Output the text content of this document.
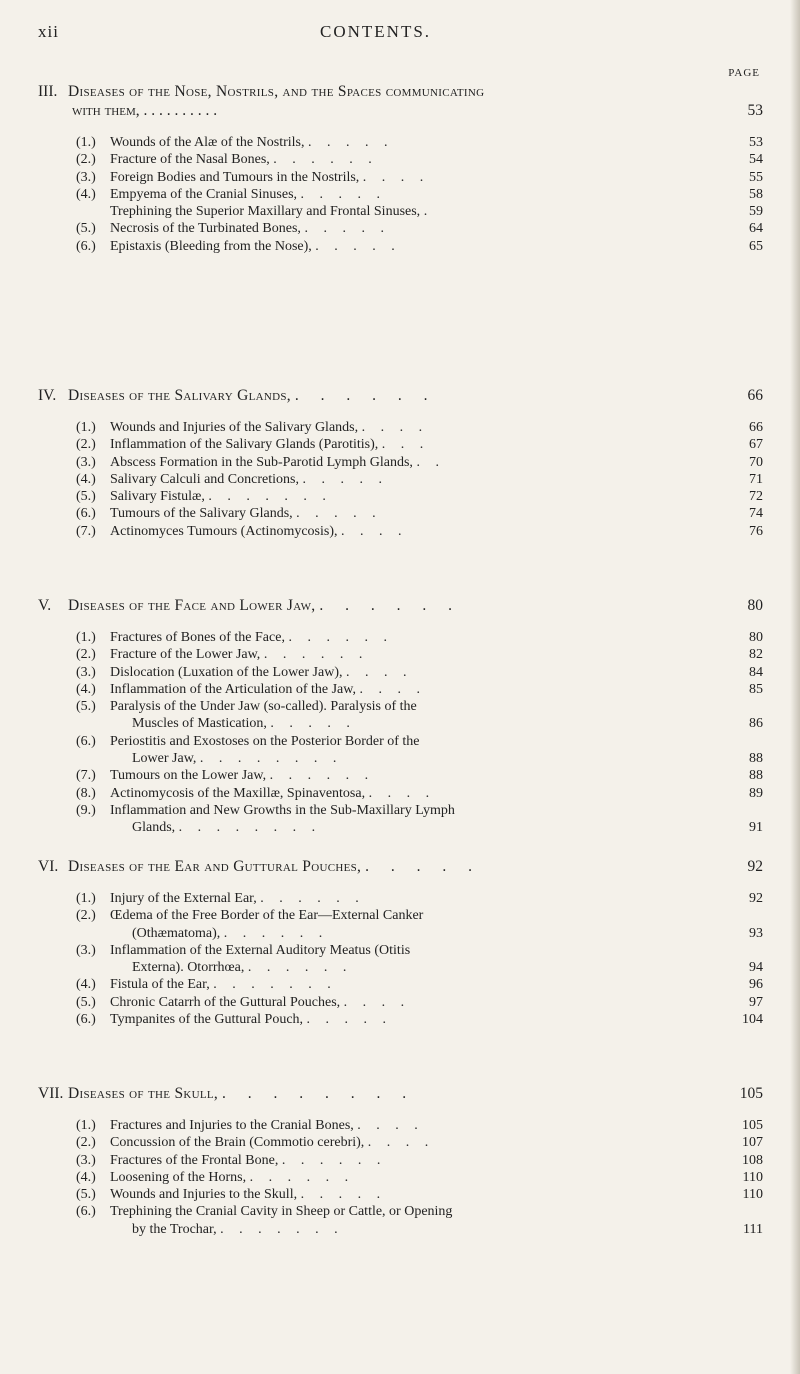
xii	CONTENTS.
PAGE
III. Diseases of the Nose, Nostrils, and the Spaces communicating
with them, . . . . . . . . . .	53
(1.) Wounds of the Alæ of the Nostrils, . . . . .	53
(2.) Fracture of the Nasal Bones, . . . . . .	54
(3.) Foreign Bodies and Tumours in the Nostrils, . . . .	55
(4.) Empyema of the Cranial Sinuses, . . . . .	58
Trephining the Superior Maxillary and Frontal Sinuses, .	59
(5.) Necrosis of the Turbinated Bones, . . . . .	64
(6.) Epistaxis (Bleeding from the Nose), . . . . .	65
IV. Diseases of the Salivary Glands, . . . . . .	66
(1.) Wounds and Injuries of the Salivary Glands, . . . .	66
(2.) Inflammation of the Salivary Glands (Parotitis), . . .	67
(3.) Abscess Formation in the Sub-Parotid Lymph Glands, . .	70
(4.) Salivary Calculi and Concretions, . . . . .	71
(5.) Salivary Fistulæ, . . . . . . .	72
(6.) Tumours of the Salivary Glands, . . . . .	74
(7.) Actinomyces Tumours (Actinomycosis), . . . .	76
V. Diseases of the Face and Lower Jaw, . . . . . .	80
(1.) Fractures of Bones of the Face, . . . . . .	80
(2.) Fracture of the Lower Jaw, . . . . . .	82
(3.) Dislocation (Luxation of the Lower Jaw), . . . .	84
(4.) Inflammation of the Articulation of the Jaw, . . . .	85
(5.) Paralysis of the Under Jaw (so-called). Paralysis of the
Muscles of Mastication, . . . . .	86
(6.) Periostitis and Exostoses on the Posterior Border of the
Lower Jaw, . . . . . . . .	88
(7.) Tumours on the Lower Jaw, . . . . . .	88
(8.) Actinomycosis of the Maxillæ, Spinaventosa, . . . .	89
(9.) Inflammation and New Growths in the Sub-Maxillary Lymph
Glands, . . . . . . . .	91
VI. Diseases of the Ear and Guttural Pouches, . . . . .	92
(1.) Injury of the External Ear, . . . . . .	92
(2.) Œdema of the Free Border of the Ear—External Canker
(Othæmatoma), . . . . . .	93
(3.) Inflammation of the External Auditory Meatus (Otitis
Externa). Otorrhœa, . . . . . .	94
(4.) Fistula of the Ear, . . . . . . .	96
(5.) Chronic Catarrh of the Guttural Pouches, . . . .	97
(6.) Tympanites of the Guttural Pouch, . . . . .	104
VII. Diseases of the Skull, . . . . . . . .	105
(1.) Fractures and Injuries to the Cranial Bones, . . . .	105
(2.) Concussion of the Brain (Commotio cerebri), . . . .	107
(3.) Fractures of the Frontal Bone, . . . . . .	108
(4.) Loosening of the Horns, . . . . . .	110
(5.) Wounds and Injuries to the Skull, . . . . .	110
(6.) Trephining the Cranial Cavity in Sheep or Cattle, or Opening
by the Trochar, . . . . . . .	111
